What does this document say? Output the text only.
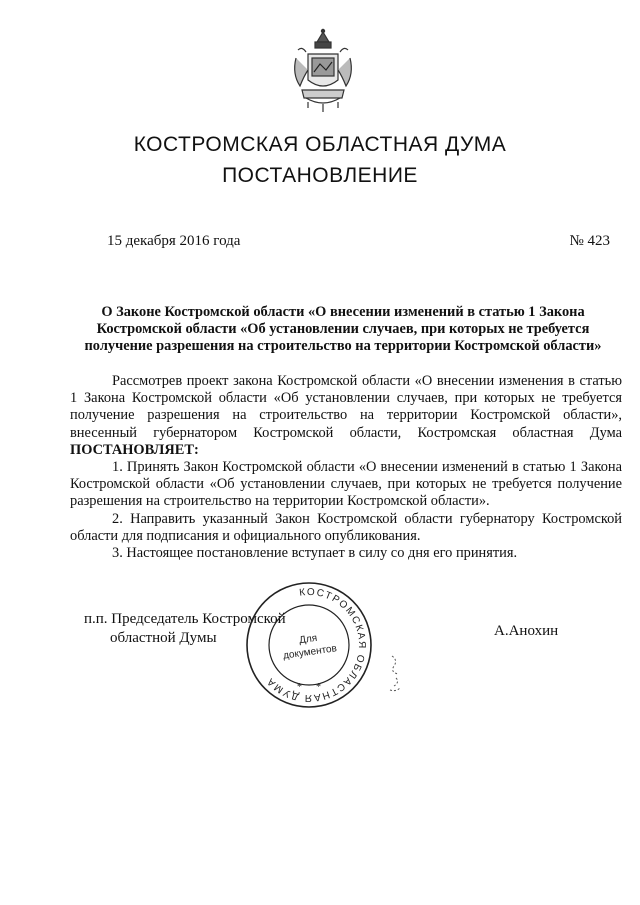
КОСТРОМСКАЯ ОБЛАСТНАЯ ДУМА
ПОСТАНОВЛЕНИЕ
15 декабря 2016 года	№ 423
О Законе Костромской области «О внесении изменений в статью 1 Закона
Костромской области «Об установлении случаев, при которых не требуется
получение разрешения на строительство на территории Костромской области»

Рассмотрев проект закона Костромской области «О внесении изменения в статью 1 Закона Костромской области «Об установлении случаев, при которых не требуется получение разрешения на строительство на территории Костромской области», внесенный губернатором Костромской области, Костромская областная Дума ПОСТАНОВЛЯЕТ:

1. Принять Закон Костромской области «О внесении изменений в статью 1 Закона Костромской области «Об установлении случаев, при которых не требуется получение разрешения на строительство на территории Костромской области».

2. Направить указанный Закон Костромской области губернатору Костромской области для подписания и официального опубликования.

3. Настоящее постановление вступает в силу со дня его принятия.

п.п. Председатель Костромской
областной Думы
КОСТРОМСКАЯ ОБЛАСТНАЯ ДУМА	* *
Для
документов
А.Анохин
